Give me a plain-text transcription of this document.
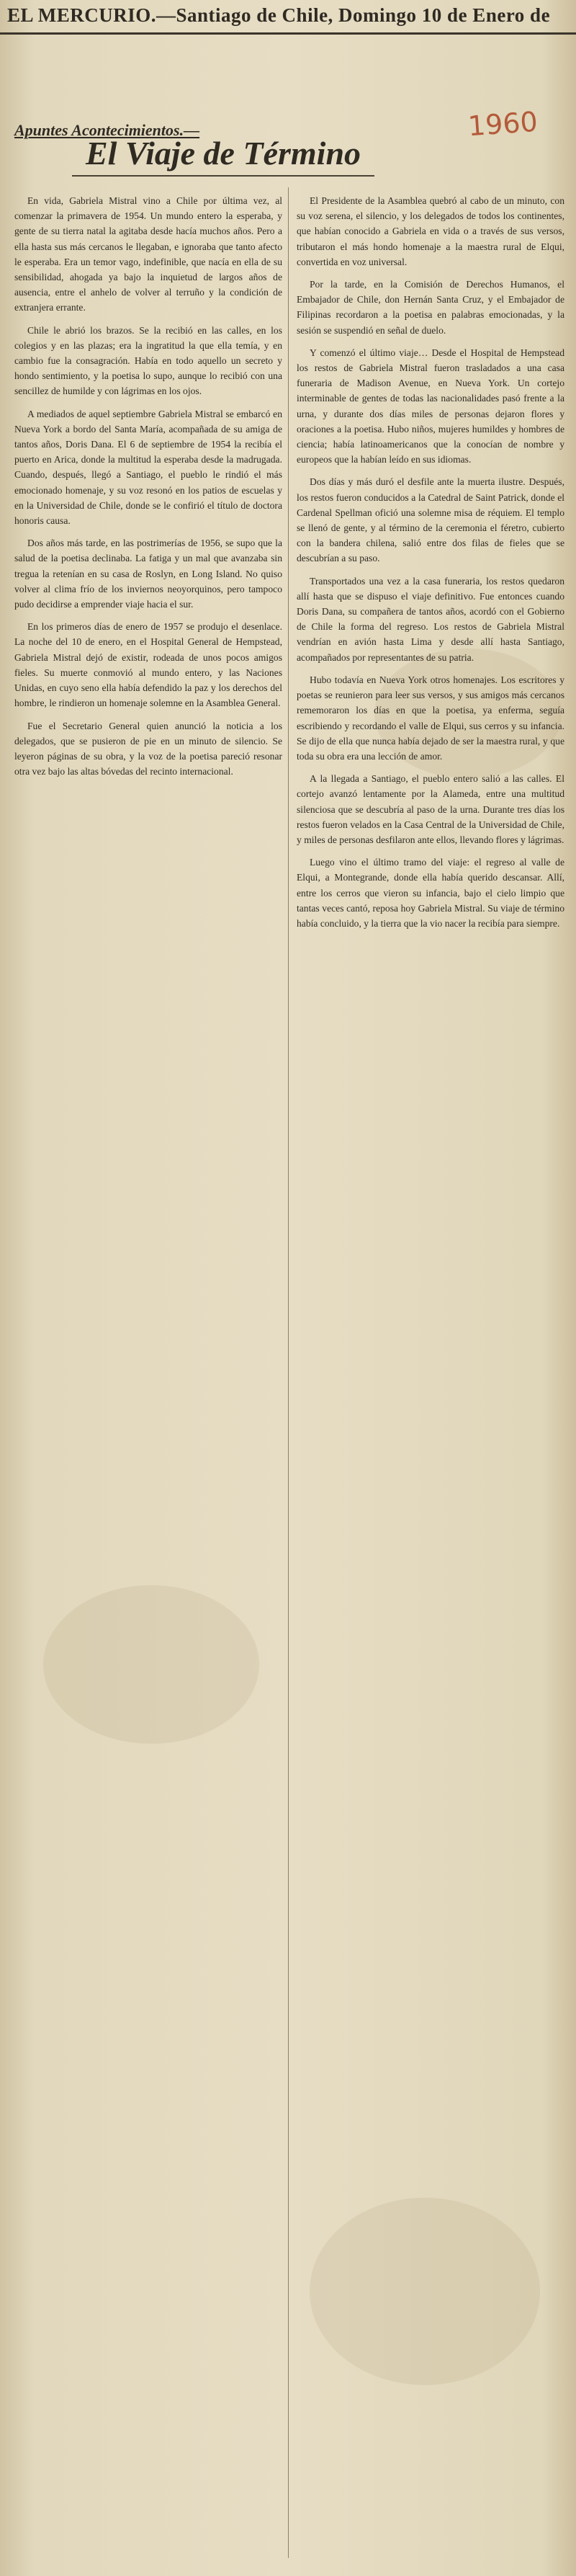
EL MERCURIO.—Santiago de Chile, Domingo 10 de Enero de
1960
Apuntes Acontecimientos.—
El Viaje de Término

En vida, Gabriela Mistral vino a Chile por última vez, al comenzar la primavera de 1954. Un mundo entero la esperaba, y gente de su tierra natal la agitaba desde hacía muchos años. Pero a ella hasta sus más cercanos le llegaban, e ignoraba que tanto afecto le esperaba. Era un temor vago, indefinible, que nacía en ella de su sensibilidad, ahogada ya bajo la inquietud de largos años de ausencia, entre el anhelo de volver al terruño y la condición de extranjera errante.

Chile le abrió los brazos. Se la recibió en las calles, en los colegios y en las plazas; era la ingratitud la que ella temía, y en cambio fue la consagración. Había en todo aquello un secreto y hondo sentimiento, y la poetisa lo supo, aunque lo recibió con una sencillez de humilde y con lágrimas en los ojos.

A mediados de aquel septiembre Gabriela Mistral se embarcó en Nueva York a bordo del Santa María, acompañada de su amiga de tantos años, Doris Dana. El 6 de septiembre de 1954 la recibía el puerto en Arica, donde la multitud la esperaba desde la madrugada. Cuando, después, llegó a Santiago, el pueblo le rindió el más emocionado homenaje, y su voz resonó en los patios de escuelas y en la Universidad de Chile, donde se le confirió el título de doctora honoris causa.

Dos años más tarde, en las postrimerías de 1956, se supo que la salud de la poetisa declinaba. La fatiga y un mal que avanzaba sin tregua la retenían en su casa de Roslyn, en Long Island. No quiso volver al clima frío de los inviernos neoyorquinos, pero tampoco pudo decidirse a emprender viaje hacia el sur.

En los primeros días de enero de 1957 se produjo el desenlace. La noche del 10 de enero, en el Hospital General de Hempstead, Gabriela Mistral dejó de existir, rodeada de unos pocos amigos fieles. Su muerte conmovió al mundo entero, y las Naciones Unidas, en cuyo seno ella había defendido la paz y los derechos del hombre, le rindieron un homenaje solemne en la Asamblea General.

Fue el Secretario General quien anunció la noticia a los delegados, que se pusieron de pie en un minuto de silencio. Se leyeron páginas de su obra, y la voz de la poetisa pareció resonar otra vez bajo las altas bóvedas del recinto internacional.

El Presidente de la Asamblea quebró al cabo de un minuto, con su voz serena, el silencio, y los delegados de todos los continentes, que habían conocido a Gabriela en vida o a través de sus versos, tributaron el más hondo homenaje a la maestra rural de Elqui, convertida en voz universal.

Por la tarde, en la Comisión de Derechos Humanos, el Embajador de Chile, don Hernán Santa Cruz, y el Embajador de Filipinas recordaron a la poetisa en palabras emocionadas, y la sesión se suspendió en señal de duelo.

Y comenzó el último viaje… Desde el Hospital de Hempstead los restos de Gabriela Mistral fueron trasladados a una casa funeraria de Madison Avenue, en Nueva York. Un cortejo interminable de gentes de todas las nacionalidades pasó frente a la urna, y durante dos días miles de personas dejaron flores y oraciones a la poetisa. Hubo niños, mujeres humildes y hombres de ciencia; había latinoamericanos que la conocían de nombre y europeos que la habían leído en sus idiomas.

Dos días y más duró el desfile ante la muerta ilustre. Después, los restos fueron conducidos a la Catedral de Saint Patrick, donde el Cardenal Spellman ofició una solemne misa de réquiem. El templo se llenó de gente, y al término de la ceremonia el féretro, cubierto con la bandera chilena, salió entre dos filas de fieles que se descubrían a su paso.

Transportados una vez a la casa funeraria, los restos quedaron allí hasta que se dispuso el viaje definitivo. Fue entonces cuando Doris Dana, su compañera de tantos años, acordó con el Gobierno de Chile la forma del regreso. Los restos de Gabriela Mistral vendrían en avión hasta Lima y desde allí hasta Santiago, acompañados por representantes de su patria.

Hubo todavía en Nueva York otros homenajes. Los escritores y poetas se reunieron para leer sus versos, y sus amigos más cercanos rememoraron los días en que la poetisa, ya enferma, seguía escribiendo y recordando el valle de Elqui, sus cerros y su infancia. Se dijo de ella que nunca había dejado de ser la maestra rural, y que toda su obra era una lección de amor.

A la llegada a Santiago, el pueblo entero salió a las calles. El cortejo avanzó lentamente por la Alameda, entre una multitud silenciosa que se descubría al paso de la urna. Durante tres días los restos fueron velados en la Casa Central de la Universidad de Chile, y miles de personas desfilaron ante ellos, llevando flores y lágrimas.

Luego vino el último tramo del viaje: el regreso al valle de Elqui, a Montegrande, donde ella había querido descansar. Allí, entre los cerros que vieron su infancia, bajo el cielo limpio que tantas veces cantó, reposa hoy Gabriela Mistral. Su viaje de término había concluido, y la tierra que la vio nacer la recibía para siempre.
